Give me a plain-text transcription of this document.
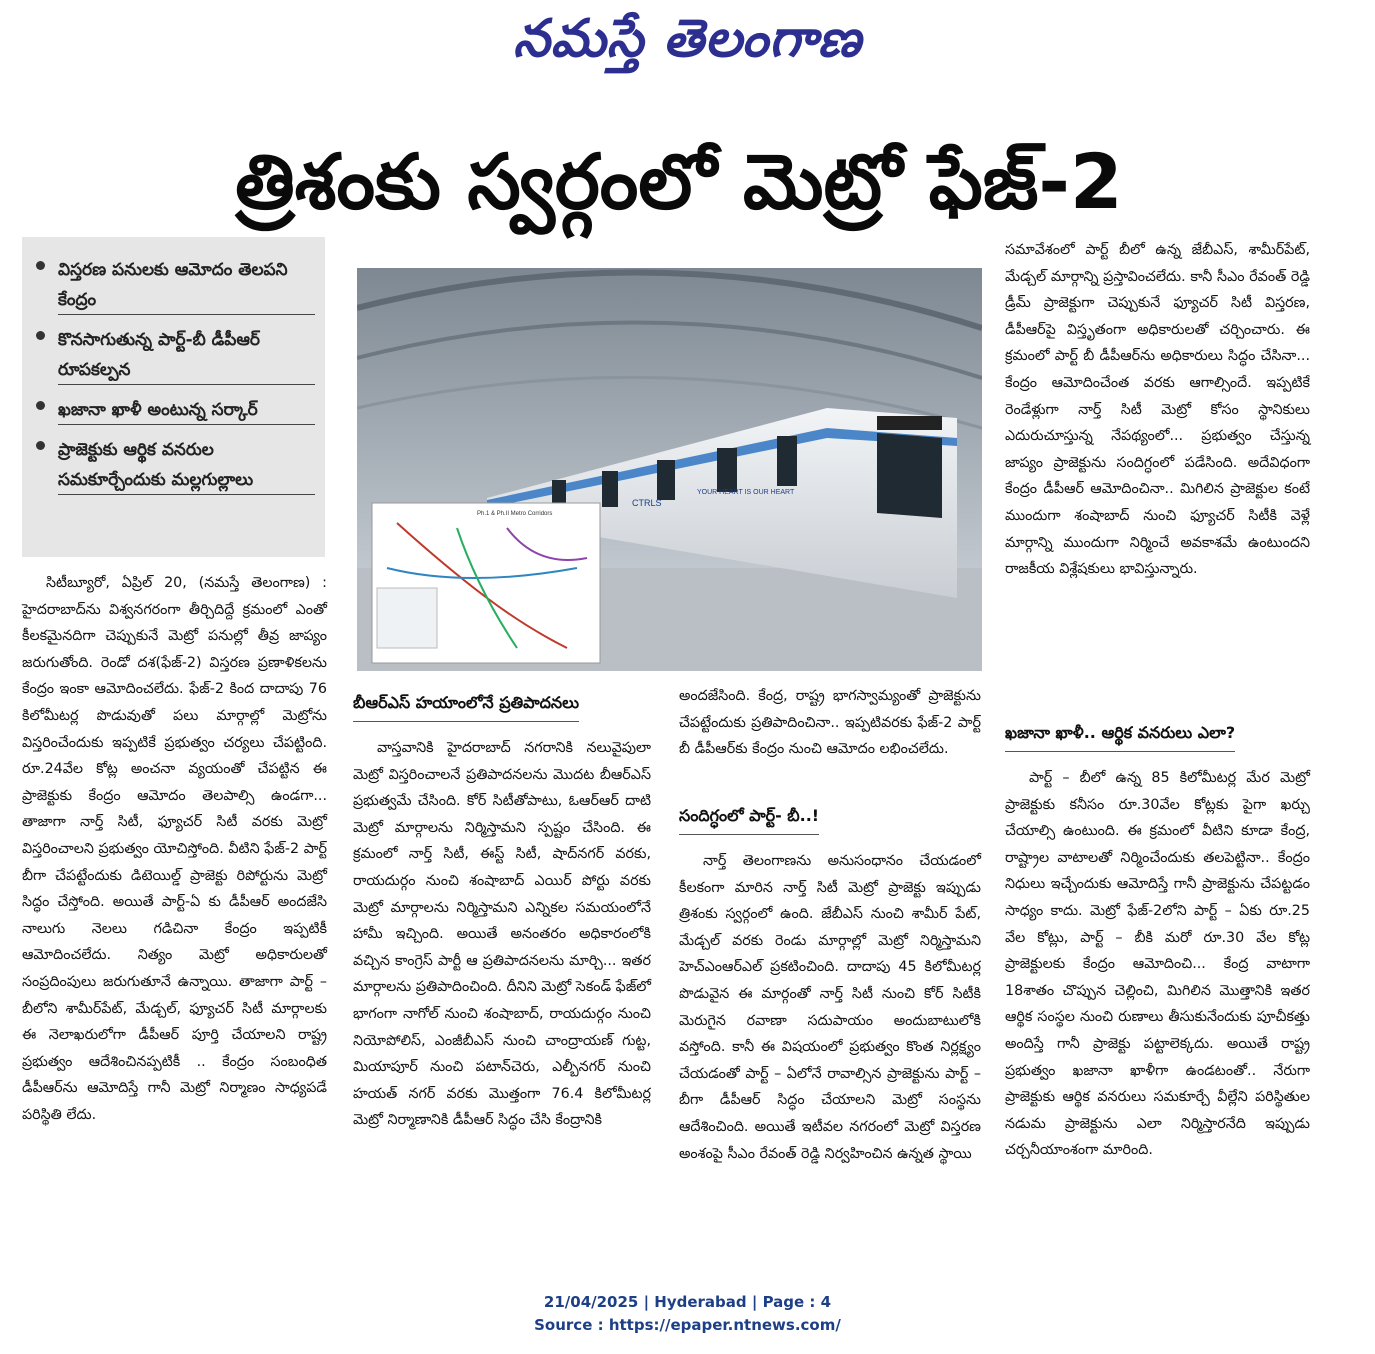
నమస్తే తెలంగాణ
త్రిశంకు స్వర్గంలో మెట్రో ఫేజ్-2
విస్తరణ పనులకు ఆమోదం తెలపని కేంద్రం
కొనసాగుతున్న పార్ట్-బీ డీపీఆర్ రూపకల్పన
ఖజానా ఖాళీ అంటున్న సర్కార్
ప్రాజెక్టుకు ఆర్థిక వనరుల సమకూర్చేందుకు మల్లగుల్లాలు

సిటీబ్యూరో, ఏప్రిల్ 20, (నమస్తే తెలంగాణ) : హైదరాబాద్‌ను విశ్వనగరంగా తీర్చిదిద్దే క్రమంలో ఎంతో కీలకమైనదిగా చెప్పుకునే మెట్రో పనుల్లో తీవ్ర జాప్యం జరుగుతోంది. రెండో దశ(ఫేజ్-2) విస్తరణ ప్రణాళికలను కేంద్రం ఇంకా ఆమోదించలేదు. ఫేజ్-2 కింద దాదాపు 76 కిలోమీటర్ల పొడువుతో పలు మార్గాల్లో మెట్రోను విస్తరించేందుకు ఇప్పటికే ప్రభుత్వం చర్యలు చేపట్టింది. రూ.24వేల కోట్ల అంచనా వ్యయంతో చేపట్టిన ఈ ప్రాజెక్టుకు కేంద్రం ఆమోదం తెలపాల్సి ఉండగా... తాజాగా నార్త్ సిటీ, ఫ్యూచర్ సిటీ వరకు మెట్రో విస్తరించాలని ప్రభుత్వం యోచిస్తోంది. వీటిని ఫేజ్-2 పార్ట్ బీగా చేపట్టేందుకు డిటెయిల్డ్ ప్రాజెక్టు రిపోర్టును మెట్రో సిద్ధం చేస్తోంది. అయితే పార్ట్-ఏ కు డీపీఆర్ అందజేసి నాలుగు నెలలు గడిచినా కేంద్రం ఇప్పటికీ ఆమోదించలేదు. నిత్యం మెట్రో అధికారులతో సంప్రదింపులు జరుగుతూనే ఉన్నాయి. తాజాగా పార్ట్ – బీలోని శామీర్‌పేట్, మేడ్చల్, ఫ్యూచర్ సిటీ మార్గాలకు ఈ నెలాఖరులోగా డీపీఆర్ పూర్తి చేయాలని రాష్ట్ర ప్రభుత్వం ఆదేశించినప్పటికీ .. కేంద్రం సంబంధిత డీపీఆర్‌ను ఆమోదిస్తే గానీ మెట్రో నిర్మాణం సాధ్యపడే పరిస్థితి లేదు.

CTRLS
YOUR HEART IS OUR HEART
Ph.1 & Ph.II Metro Corridors
బీఆర్‌ఎస్ హయాంలోనే ప్రతిపాదనలు

వాస్తవానికి హైదరాబాద్ నగరానికి నలువైపులా మెట్రో విస్తరించాలనే ప్రతిపాదనలను మొదట బీఆర్‌ఎస్ ప్రభుత్వమే చేసింది. కోర్ సిటీతోపాటు, ఓఆర్‌ఆర్ దాటి మెట్రో మార్గాలను నిర్మిస్తామని స్పష్టం చేసింది. ఈ క్రమంలో నార్త్ సిటీ, ఈస్ట్ సిటీ, షాద్‌నగర్ వరకు, రాయదుర్గం నుంచి శంషాబాద్ ఎయిర్ పోర్టు వరకు మెట్రో మార్గాలను నిర్మిస్తామని ఎన్నికల సమయంలోనే హామీ ఇచ్చింది. అయితే అనంతరం అధికారంలోకి వచ్చిన కాంగ్రెస్ పార్టీ ఆ ప్రతిపాదనలను మార్చి... ఇతర మార్గాలను ప్రతిపాదించింది. దీనిని మెట్రో సెకండ్ ఫేజ్‌లో భాగంగా నాగోల్ నుంచి శంషాబాద్, రాయదుర్గం నుంచి నియోపోలిస్, ఎంజీబీఎస్ నుంచి చాంద్రాయణ్ గుట్ట, మియాపూర్ నుంచి పటాన్‌చెరు, ఎల్బీనగర్ నుంచి హయత్ నగర్ వరకు మొత్తంగా 76.4 కిలోమీటర్ల మెట్రో నిర్మాణానికి డీపీఆర్ సిద్ధం చేసి కేంద్రానికి

అందజేసింది. కేంద్ర, రాష్ట్ర భాగస్వామ్యంతో ప్రాజెక్టును చేపట్టేందుకు ప్రతిపాదించినా.. ఇప్పటివరకు ఫేజ్-2 పార్ట్ బీ డీపీఆర్‌కు కేంద్రం నుంచి ఆమోదం లభించలేదు.

సందిగ్ధంలో పార్ట్- బీ..!

నార్త్ తెలంగాణను అనుసంధానం చేయడంలో కీలకంగా మారిన నార్త్ సిటీ మెట్రో ప్రాజెక్టు ఇప్పుడు త్రిశంకు స్వర్గంలో ఉంది. జేబీఎస్ నుంచి శామీర్ పేట్, మేడ్చల్ వరకు రెండు మార్గాల్లో మెట్రో నిర్మిస్తామని హెచ్‌ఎంఆర్‌ఎల్ ప్రకటించింది. దాదాపు 45 కిలోమీటర్ల పొడువైన ఈ మార్గంతో నార్త్ సిటీ నుంచి కోర్ సిటీకి మెరుగైన రవాణా సదుపాయం అందుబాటులోకి వస్తోంది. కానీ ఈ విషయంలో ప్రభుత్వం కొంత నిర్లక్ష్యం చేయడంతో పార్ట్ – ఏలోనే రావాల్సిన ప్రాజెక్టును పార్ట్ – బీగా డీపీఆర్ సిద్ధం చేయాలని మెట్రో సంస్థను ఆదేశించింది. అయితే ఇటీవల నగరంలో మెట్రో విస్తరణ అంశంపై సీఎం రేవంత్ రెడ్డి నిర్వహించిన ఉన్నత స్థాయి

సమావేశంలో పార్ట్ బీలో ఉన్న జేబీఎస్, శామీర్‌పేట్, మేడ్చల్ మార్గాన్ని ప్రస్తావించలేదు. కానీ సీఎం రేవంత్ రెడ్డి డ్రీమ్ ప్రాజెక్టుగా చెప్పుకునే ఫ్యూచర్ సిటీ విస్తరణ, డీపీఆర్‌పై విస్తృతంగా అధికారులతో చర్చించారు. ఈ క్రమంలో పార్ట్ బీ డీపీఆర్‌ను అధికారులు సిద్ధం చేసినా... కేంద్రం ఆమోదించేంత వరకు ఆగాల్సిందే. ఇప్పటికే రెండేళ్లుగా నార్త్ సిటీ మెట్రో కోసం స్థానికులు ఎదురుచూస్తున్న నేపథ్యంలో... ప్రభుత్వం చేస్తున్న జాప్యం ప్రాజెక్టును సందిగ్ధంలో పడేసింది. అదేవిధంగా కేంద్రం డీపీఆర్ ఆమోదించినా.. మిగిలిన ప్రాజెక్టుల కంటే ముందుగా శంషాబాద్ నుంచి ఫ్యూచర్ సిటీకి వెళ్లే మార్గాన్ని ముందుగా నిర్మించే అవకాశమే ఉంటుందని రాజకీయ విశ్లేషకులు భావిస్తున్నారు.

ఖజానా ఖాళీ.. ఆర్థిక వనరులు ఎలా?

పార్ట్ – బీలో ఉన్న 85 కిలోమీటర్ల మేర మెట్రో ప్రాజెక్టుకు కనీసం రూ.30వేల కోట్లకు పైగా ఖర్చు చేయాల్సి ఉంటుంది. ఈ క్రమంలో వీటిని కూడా కేంద్ర, రాష్ట్రాల వాటాలతో నిర్మించేందుకు తలపెట్టినా.. కేంద్రం నిధులు ఇచ్చేందుకు ఆమోదిస్తే గానీ ప్రాజెక్టును చేపట్టడం సాధ్యం కాదు. మెట్రో ఫేజ్-2లోని పార్ట్ – ఏకు రూ.25 వేల కోట్లు, పార్ట్ – బీకి మరో రూ.30 వేల కోట్ల ప్రాజెక్టులకు కేంద్రం ఆమోదించి... కేంద్ర వాటాగా 18శాతం చొప్పున చెల్లించి, మిగిలిన మొత్తానికి ఇతర ఆర్థిక సంస్థల నుంచి రుణాలు తీసుకునేందుకు పూచీకత్తు అందిస్తే గానీ ప్రాజెక్టు పట్టాలెక్కదు. అయితే రాష్ట్ర ప్రభుత్వం ఖజానా ఖాళీగా ఉండటంతో.. నేరుగా ప్రాజెక్టుకు ఆర్థిక వనరులు సమకూర్చే వీల్లేని పరిస్థితుల నడుమ ప్రాజెక్టును ఎలా నిర్మిస్తారనేది ఇప్పుడు చర్చనీయాంశంగా మారింది.

21/04/2025 | Hyderabad | Page : 4
Source : https://epaper.ntnews.com/
